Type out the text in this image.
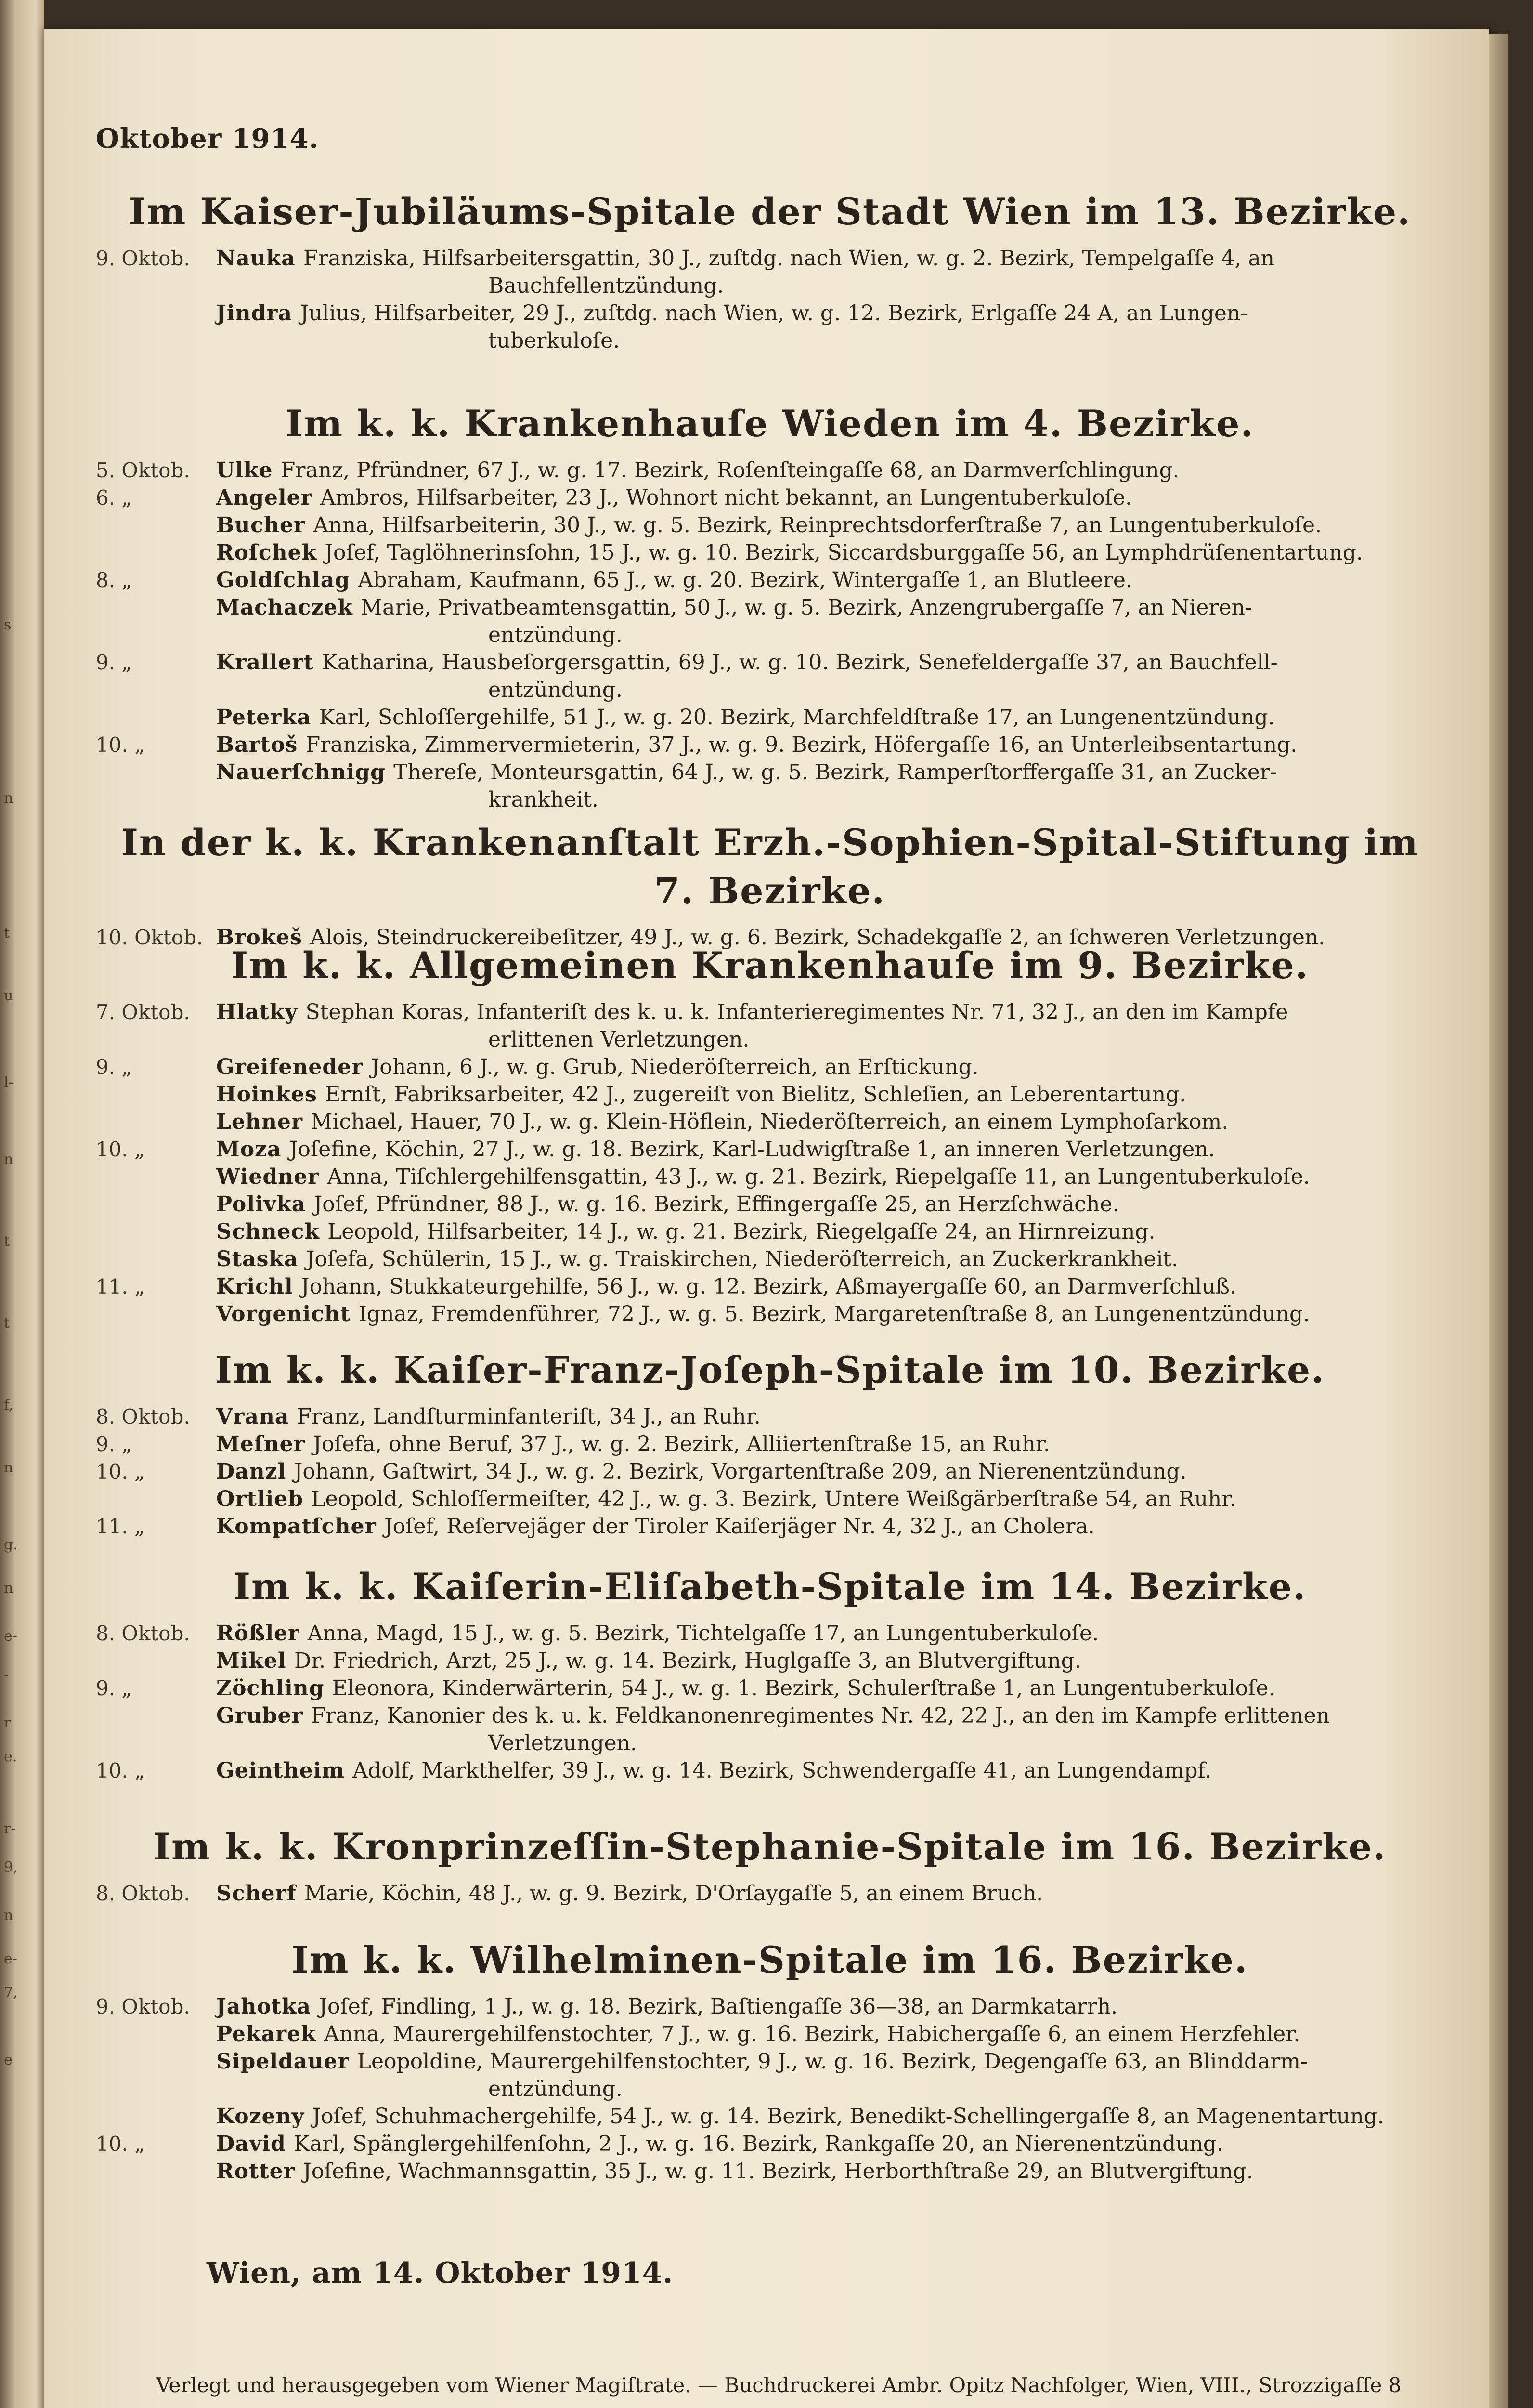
s
n
t
u
l-
n
t
t
f,
n
g.
n
e-
-
r
e.
r-
9,
n
e-
7,
e
Oktober 1914.
Im Kaiser-Jubiläums-Spitale der Stadt Wien im 13. Bezirke.
9. Oktob.	Nauka Franziska, Hilfsarbeitersgattin, 30 J., zuſtdg. nach Wien, w. g. 2. Bezirk, Tempelgaſſe 4, an
Bauchfellentzündung.
Jindra Julius, Hilfsarbeiter, 29 J., zuſtdg. nach Wien, w. g. 12. Bezirk, Erlgaſſe 24 A, an Lungen-
tuberkuloſe.
Im k. k. Krankenhauſe Wieden im 4. Bezirke.
5. Oktob.	Ulke Franz, Pfründner, 67 J., w. g. 17. Bezirk, Roſenſteingaſſe 68, an Darmverſchlingung.
6. „	Angeler Ambros, Hilfsarbeiter, 23 J., Wohnort nicht bekannt, an Lungentuberkuloſe.
Bucher Anna, Hilfsarbeiterin, 30 J., w. g. 5. Bezirk, Reinprechtsdorferſtraße 7, an Lungentuberkuloſe.
Roſchek Joſef, Taglöhnerinsſohn, 15 J., w. g. 10. Bezirk, Siccardsburggaſſe 56, an Lymphdrüſenentartung.
8. „	Goldſchlag Abraham, Kaufmann, 65 J., w. g. 20. Bezirk, Wintergaſſe 1, an Blutleere.
Machaczek Marie, Privatbeamtensgattin, 50 J., w. g. 5. Bezirk, Anzengrubergaſſe 7, an Nieren-
entzündung.
9. „	Krallert Katharina, Hausbeſorgersgattin, 69 J., w. g. 10. Bezirk, Senefeldergaſſe 37, an Bauchfell-
entzündung.
Peterka Karl, Schloſſergehilfe, 51 J., w. g. 20. Bezirk, Marchfeldſtraße 17, an Lungenentzündung.
10. „	Bartoš Franziska, Zimmervermieterin, 37 J., w. g. 9. Bezirk, Höfergaſſe 16, an Unterleibsentartung.
Nauerſchnigg Thereſe, Monteursgattin, 64 J., w. g. 5. Bezirk, Ramperſtorffergaſſe 31, an Zucker-
krankheit.
In der k. k. Krankenanſtalt Erzh.-Sophien-Spital-Stiftung im 7. Bezirke.
10. Oktob. Brokeš Alois, Steindruckereibeſitzer, 49 J., w. g. 6. Bezirk, Schadekgaſſe 2, an ſchweren Verletzungen.
Im k. k. Allgemeinen Krankenhauſe im 9. Bezirke.
7. Oktob.	Hlatky Stephan Koras, Infanteriſt des k. u. k. Infanterieregimentes Nr. 71, 32 J., an den im Kampfe
erlittenen Verletzungen.
9. „	Greifeneder Johann, 6 J., w. g. Grub, Niederöſterreich, an Erſtickung.
Hoinkes Ernſt, Fabriksarbeiter, 42 J., zugereiſt von Bielitz, Schleſien, an Leberentartung.
Lehner Michael, Hauer, 70 J., w. g. Klein-Höflein, Niederöſterreich, an einem Lymphoſarkom.
10. „	Moza Joſefine, Köchin, 27 J., w. g. 18. Bezirk, Karl-Ludwigſtraße 1, an inneren Verletzungen.
Wiedner Anna, Tiſchlergehilfensgattin, 43 J., w. g. 21. Bezirk, Riepelgaſſe 11, an Lungentuberkuloſe.
Polivka Joſef, Pfründner, 88 J., w. g. 16. Bezirk, Effingergaſſe 25, an Herzſchwäche.
Schneck Leopold, Hilfsarbeiter, 14 J., w. g. 21. Bezirk, Riegelgaſſe 24, an Hirnreizung.
Staska Joſefa, Schülerin, 15 J., w. g. Traiskirchen, Niederöſterreich, an Zuckerkrankheit.
11. „	Krichl Johann, Stukkateurgehilfe, 56 J., w. g. 12. Bezirk, Aßmayergaſſe 60, an Darmverſchluß.
Vorgenicht Ignaz, Fremdenführer, 72 J., w. g. 5. Bezirk, Margaretenſtraße 8, an Lungenentzündung.
Im k. k. Kaiſer-Franz-Joſeph-Spitale im 10. Bezirke.
8. Oktob.	Vrana Franz, Landſturminfanteriſt, 34 J., an Ruhr.
9. „	Meſner Joſefa, ohne Beruf, 37 J., w. g. 2. Bezirk, Alliiertenſtraße 15, an Ruhr.
10. „	Danzl Johann, Gaſtwirt, 34 J., w. g. 2. Bezirk, Vorgartenſtraße 209, an Nierenentzündung.
Ortlieb Leopold, Schloſſermeiſter, 42 J., w. g. 3. Bezirk, Untere Weißgärberſtraße 54, an Ruhr.
11. „	Kompatſcher Joſef, Reſervejäger der Tiroler Kaiſerjäger Nr. 4, 32 J., an Cholera.
Im k. k. Kaiſerin-Eliſabeth-Spitale im 14. Bezirke.
8. Oktob.	Rößler Anna, Magd, 15 J., w. g. 5. Bezirk, Tichtelgaſſe 17, an Lungentuberkuloſe.
Mikel Dr. Friedrich, Arzt, 25 J., w. g. 14. Bezirk, Huglgaſſe 3, an Blutvergiftung.
9. „	Zöchling Eleonora, Kinderwärterin, 54 J., w. g. 1. Bezirk, Schulerſtraße 1, an Lungentuberkuloſe.
Gruber Franz, Kanonier des k. u. k. Feldkanonenregimentes Nr. 42, 22 J., an den im Kampfe erlittenen
Verletzungen.
10. „	Geintheim Adolf, Markthelfer, 39 J., w. g. 14. Bezirk, Schwendergaſſe 41, an Lungendampf.
Im k. k. Kronprinzeſſin-Stephanie-Spitale im 16. Bezirke.
8. Oktob.	Scherf Marie, Köchin, 48 J., w. g. 9. Bezirk, D'Orſaygaſſe 5, an einem Bruch.
Im k. k. Wilhelminen-Spitale im 16. Bezirke.
9. Oktob.	Jahotka Joſef, Findling, 1 J., w. g. 18. Bezirk, Baſtiengaſſe 36—38, an Darmkatarrh.
Pekarek Anna, Maurergehilfenstochter, 7 J., w. g. 16. Bezirk, Habichergaſſe 6, an einem Herzfehler.
Sipeldauer Leopoldine, Maurergehilfenstochter, 9 J., w. g. 16. Bezirk, Degengaſſe 63, an Blinddarm-
entzündung.
Kozeny Joſef, Schuhmachergehilfe, 54 J., w. g. 14. Bezirk, Benedikt-Schellingergaſſe 8, an Magenentartung.
10. „	David Karl, Spänglergehilfenſohn, 2 J., w. g. 16. Bezirk, Rankgaſſe 20, an Nierenentzündung.
Rotter Joſefine, Wachmannsgattin, 35 J., w. g. 11. Bezirk, Herborthſtraße 29, an Blutvergiftung.
Wien, am 14. Oktober 1914.
Verlegt und herausgegeben vom Wiener Magiſtrate. — Buchdruckerei Ambr. Opitz Nachfolger, Wien, VIII., Strozzigaſſe 8
